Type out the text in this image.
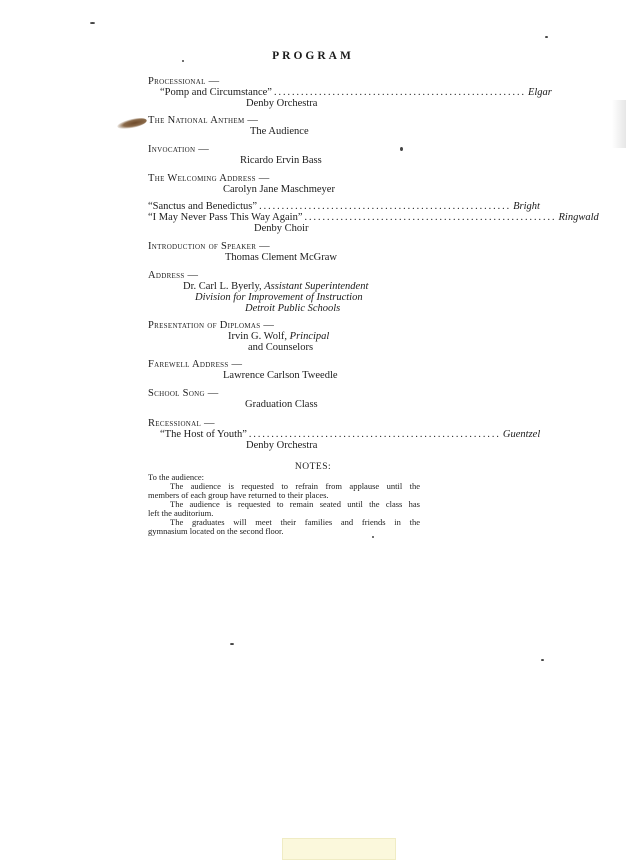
PROGRAM
Processional —
“Pomp and Circumstance” ........................................................ Elgar
Denby Orchestra
The National Anthem —
The Audience
Invocation —
Ricardo Ervin Bass
The Welcoming Address —
Carolyn Jane Maschmeyer
“Sanctus and Benedictus” ........................................................ Bright
“I May Never Pass This Way Again” ........................................................ Ringwald
Denby Choir
Introduction of Speaker —
Thomas Clement McGraw
Address —
Dr. Carl L. Byerly, Assistant Superintendent
Division for Improvement of Instruction
Detroit Public Schools
Presentation of Diplomas —
Irvin G. Wolf, Principal
and Counselors
Farewell Address —
Lawrence Carlson Tweedle
School Song —
Graduation Class
Recessional —
“The Host of Youth” ........................................................ Guentzel
Denby Orchestra
NOTES:
To the audience:
The audience is requested to refrain from applause until the
members of each group have returned to their places.
The audience is requested to remain seated until the class has
left the auditorium.
The graduates will meet their families and friends in the
gymnasium located on the second floor.
